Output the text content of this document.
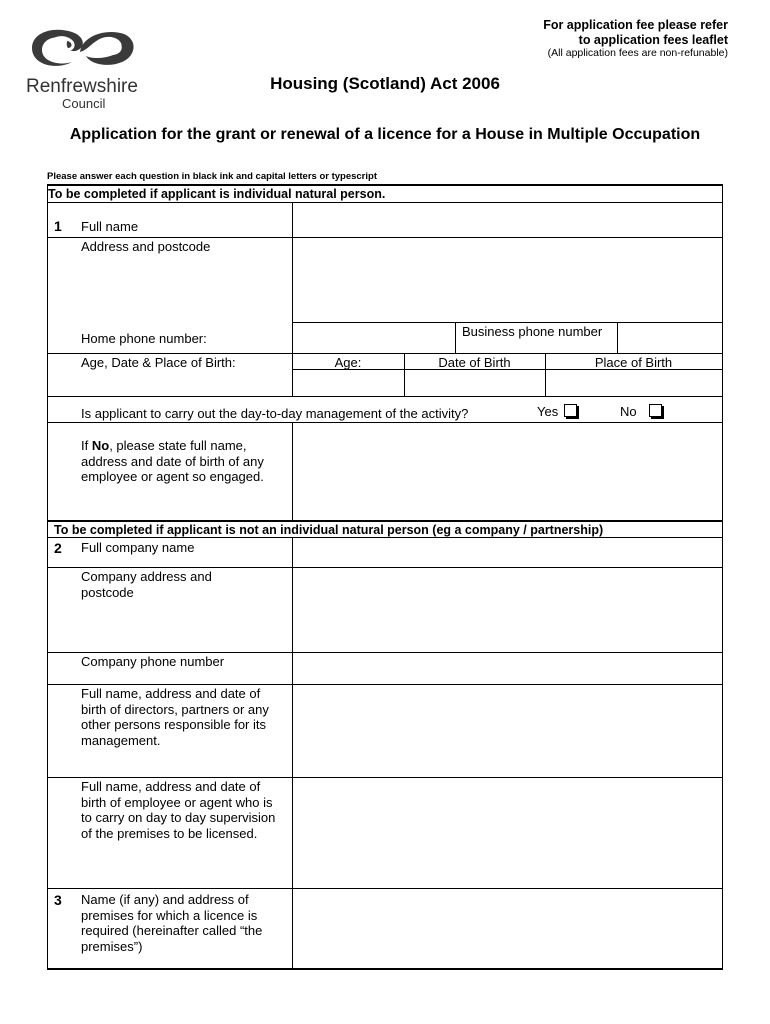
For application fee please refer
to application fees leaflet
(All application fees are non-refunable)
Renfrewshire
Council
Housing (Scotland) Act 2006
Application for the grant or renewal of a licence for a House in Multiple Occupation
Please answer each question in black ink and capital letters or typescript
To be completed if applicant is individual natural person.
1 Full name
Address and postcode
Home phone number:	Business phone number
Age, Date & Place of Birth:	Age:	Date of Birth	Place of Birth
Is applicant to carry out the day-to-day management of the activity?	Yes	No
If No, please state full name, address and date of birth of any employee or agent so engaged.
To be completed if applicant is not an individual natural person (eg a company / partnership)
2 Full company name
Company address and postcode
Company phone number
Full name, address and date of birth of directors, partners or any other persons responsible for its management.
Full name, address and date of birth of employee or agent who is to carry on day to day supervision of the premises to be licensed.
3 Name (if any) and address of premises for which a licence is required (hereinafter called “the premises”)
